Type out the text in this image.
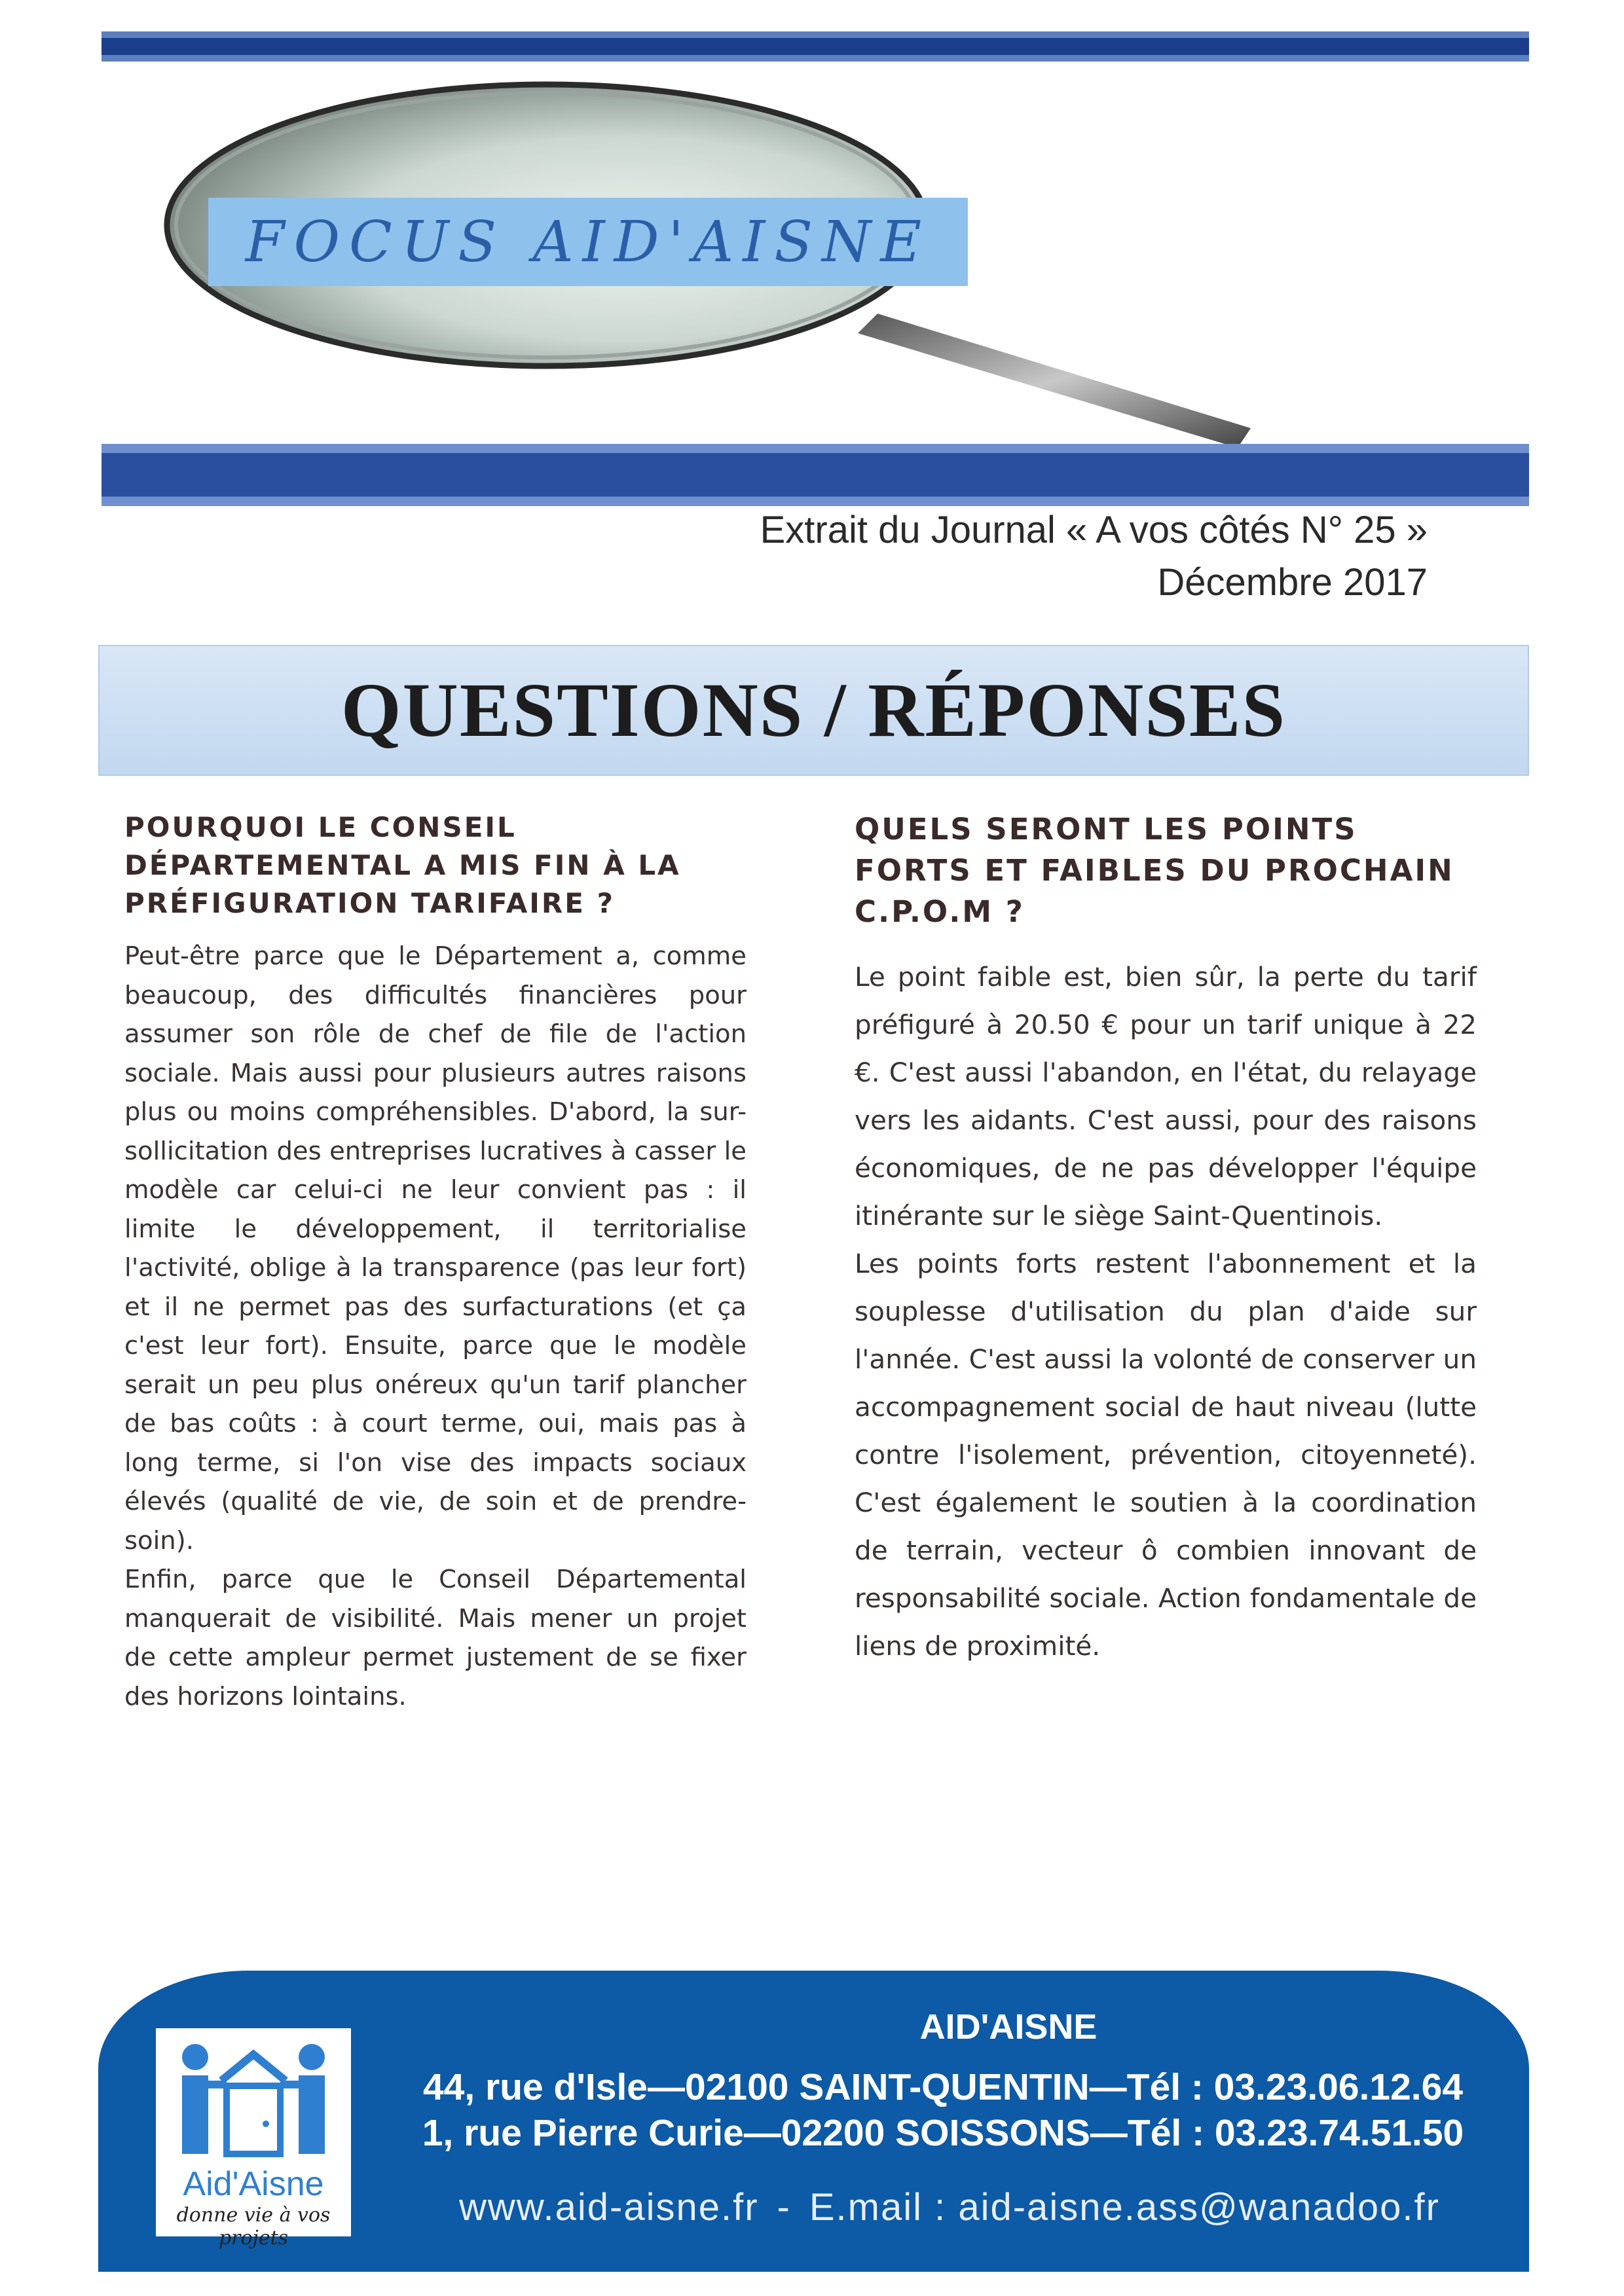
FOCUS AID'AISNE
Extrait du Journal « A vos côtés N° 25 »
Décembre 2017
QUESTIONS / RÉPONSES

POURQUOI LE CONSEIL DÉPARTEMENTAL A MIS FIN À LA PRÉFIGURATION TARIFAIRE ?

Peut-être parce que le Département a, comme beaucoup, des difficultés financières pour assumer son rôle de chef de file de l'action sociale. Mais aussi pour plusieurs autres raisons plus ou moins compréhensibles. D'abord, la sur-sollicitation des entreprises lucratives à casser le modèle car celui-ci ne leur convient pas : il limite le développement, il territorialise l'activité, oblige à la transparence (pas leur fort) et il ne permet pas des surfacturations (et ça c'est leur fort). Ensuite, parce que le modèle serait un peu plus onéreux qu'un tarif plancher de bas coûts : à court terme, oui, mais pas à long terme, si l'on vise des impacts sociaux élevés (qualité de vie, de soin et de prendre-soin).

Enfin, parce que le Conseil Départemental manquerait de visibilité. Mais mener un projet de cette ampleur permet justement de se fixer des horizons lointains.

QUELS SERONT LES POINTS FORTS ET FAIBLES DU PROCHAIN C.P.O.M ?

Le point faible est, bien sûr, la perte du tarif préfiguré à 20.50 € pour un tarif unique à 22 €. C'est aussi l'abandon, en l'état, du relayage vers les aidants. C'est aussi, pour des raisons économiques, de ne pas développer l'équipe itinérante sur le siège Saint-Quentinois.

Les points forts restent l'abonnement et la souplesse d'utilisation du plan d'aide sur l'année. C'est aussi la volonté de conserver un accompagnement social de haut niveau (lutte contre l'isolement, prévention, citoyenneté). C'est également le soutien à la coordination de terrain, vecteur ô combien innovant de responsabilité sociale. Action fondamentale de liens de proximité.

Aid'Aisne
donne vie à vos projets
AID'AISNE
44, rue d'Isle—02100 SAINT-QUENTIN—Tél : 03.23.06.12.64
1, rue Pierre Curie—02200 SOISSONS—Tél : 03.23.74.51.50
www.aid-aisne.fr - E.mail : aid-aisne.ass@wanadoo.fr
